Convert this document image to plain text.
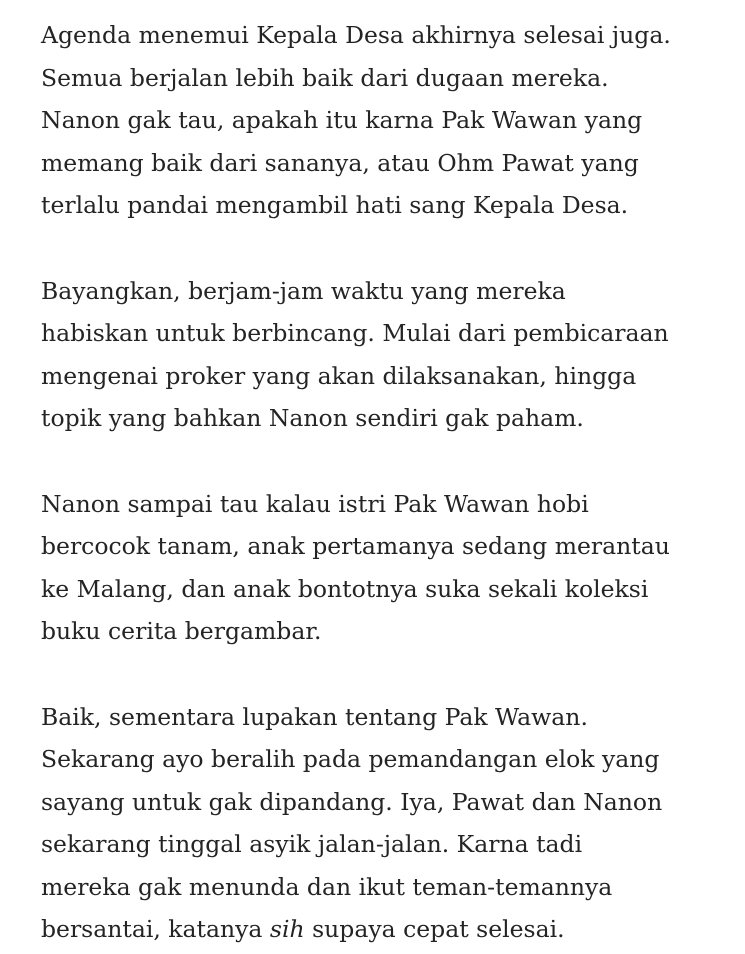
Agenda menemui Kepala Desa akhirnya selesai juga.
Semua berjalan lebih baik dari dugaan mereka.
Nanon gak tau, apakah itu karna Pak Wawan yang
memang baik dari sananya, atau Ohm Pawat yang
terlalu pandai mengambil hati sang Kepala Desa.

Bayangkan, berjam-jam waktu yang mereka
habiskan untuk berbincang. Mulai dari pembicaraan
mengenai proker yang akan dilaksanakan, hingga
topik yang bahkan Nanon sendiri gak paham.

Nanon sampai tau kalau istri Pak Wawan hobi
bercocok tanam, anak pertamanya sedang merantau
ke Malang, dan anak bontotnya suka sekali koleksi
buku cerita bergambar.

Baik, sementara lupakan tentang Pak Wawan.
Sekarang ayo beralih pada pemandangan elok yang
sayang untuk gak dipandang. Iya, Pawat dan Nanon
sekarang tinggal asyik jalan-jalan. Karna tadi
mereka gak menunda dan ikut teman-temannya
bersantai, katanya sih supaya cepat selesai.
